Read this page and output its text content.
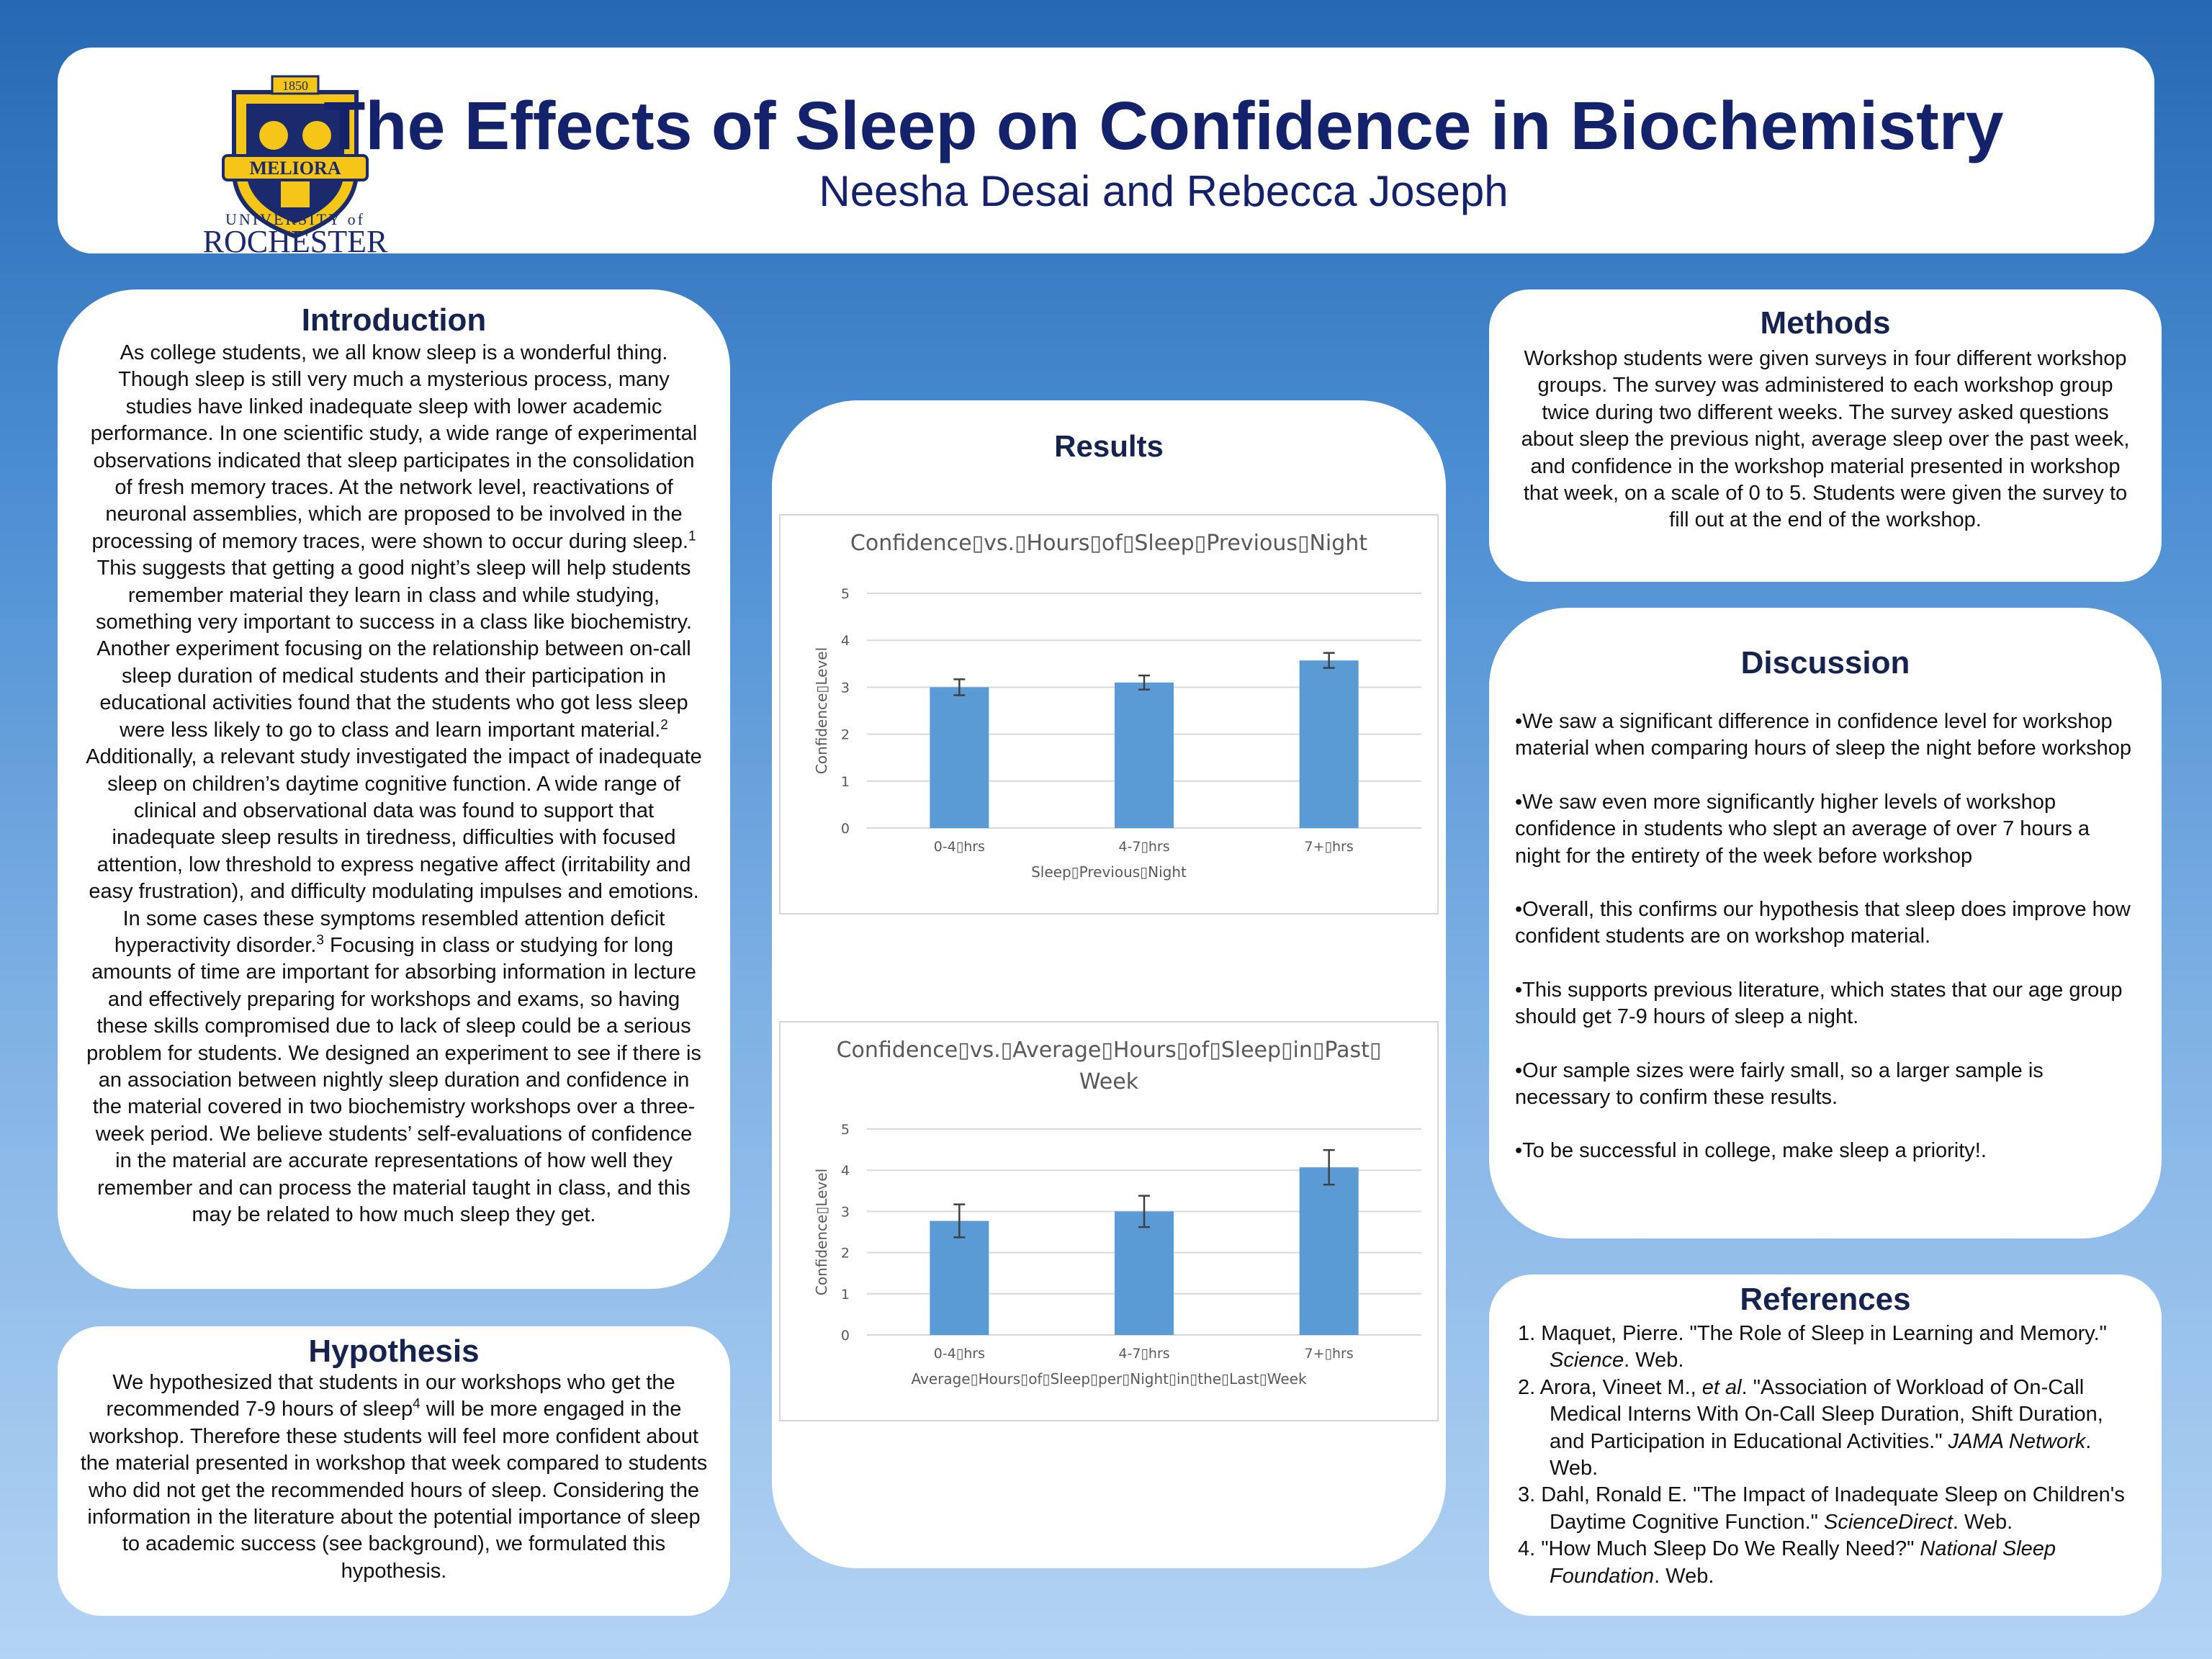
MELIORA
1850
UNIVERSITY of
ROCHESTER
The Effects of Sleep on Confidence in Biochemistry
Neesha Desai and Rebecca Joseph
Introduction
As college students, we all know sleep is a wonderful thing. Though sleep is still very much a mysterious process, many studies have linked inadequate sleep with lower academic performance. In one scientific study, a wide range of experimental observations indicated that sleep participates in the consolidation of fresh memory traces. At the network level, reactivations of neuronal assemblies, which are proposed to be involved in the processing of memory traces, were shown to occur during sleep.$^1$ This suggests that getting a good night’s sleep will help students remember material they learn in class and while studying, something very important to success in a class like biochemistry. Another experiment focusing on the relationship between on-call sleep duration of medical students and their participation in educational activities found that the students who got less sleep were less likely to go to class and learn important material.$^2$ Additionally, a relevant study investigated the impact of inadequate sleep on children’s daytime cognitive function. A wide range of clinical and observational data was found to support that inadequate sleep results in tiredness, difficulties with focused attention, low threshold to express negative affect (irritability and easy frustration), and difficulty modulating impulses and emotions. In some cases these symptoms resembled attention deficit hyperactivity disorder.$^3$ Focusing in class or studying for long amounts of time are important for absorbing information in lecture and effectively preparing for workshops and exams, so having these skills compromised due to lack of sleep could be a serious problem for students. We designed an experiment to see if there is an association between nightly sleep duration and confidence in the material covered in two biochemistry workshops over a three-week period. We believe students’ self-evaluations of confidence in the material are accurate representations of how well they remember and can process the material taught in class, and this may be related to how much sleep they get.
Hypothesis
We hypothesized that students in our workshops who get the recommended 7-9 hours of sleep$^4$ will be more engaged in the workshop. Therefore these students will feel more confident about the material presented in workshop that week compared to students who did not get the recommended hours of sleep. Considering the information in the literature about the potential importance of sleep to academic success (see background), we formulated this hypothesis.
Results
Confidence▯vs.▯Hours▯of▯Sleep▯Previous▯Night
0
1
2
3
4
5
0-4▯hrs	4-7▯hrs	7+▯hrs
Sleep▯Previous▯Night
Confidence▯Level
Confidence▯vs.▯Average▯Hours▯of▯Sleep▯in▯Past▯
Week
0
1
2
3
4
5
0-4▯hrs	4-7▯hrs	7+▯hrs
Average▯Hours▯of▯Sleep▯per▯Night▯in▯the▯Last▯Week
Confidence▯Level
Methods
Workshop students were given surveys in four different workshop groups. The survey was administered to each workshop group twice during two different weeks. The survey asked questions about sleep the previous night, average sleep over the past week, and confidence in the workshop material presented in workshop that week, on a scale of 0 to 5. Students were given the survey to fill out at the end of the workshop.
Discussion
•We saw a significant difference in confidence level for workshop material when comparing hours of sleep the night before workshop
•We saw even more significantly higher levels of workshop confidence in students who slept an average of over 7 hours a night for the entirety of the week before workshop
•Overall, this confirms our hypothesis that sleep does improve how confident students are on workshop material.
•This supports previous literature, which states that our age group should get 7-9 hours of sleep a night.
•Our sample sizes were fairly small, so a larger sample is necessary to confirm these results.
•To be successful in college, make sleep a priority!.
References
1. Maquet, Pierre. "The Role of Sleep in Learning and Memory." Science. Web.
2. Arora, Vineet M., et al. "Association of Workload of On-Call Medical Interns With On-Call Sleep Duration, Shift Duration, and Participation in Educational Activities." JAMA Network. Web.
3. Dahl, Ronald E. "The Impact of Inadequate Sleep on Children's Daytime Cognitive Function." ScienceDirect. Web.
4. "How Much Sleep Do We Really Need?" National Sleep Foundation. Web.
